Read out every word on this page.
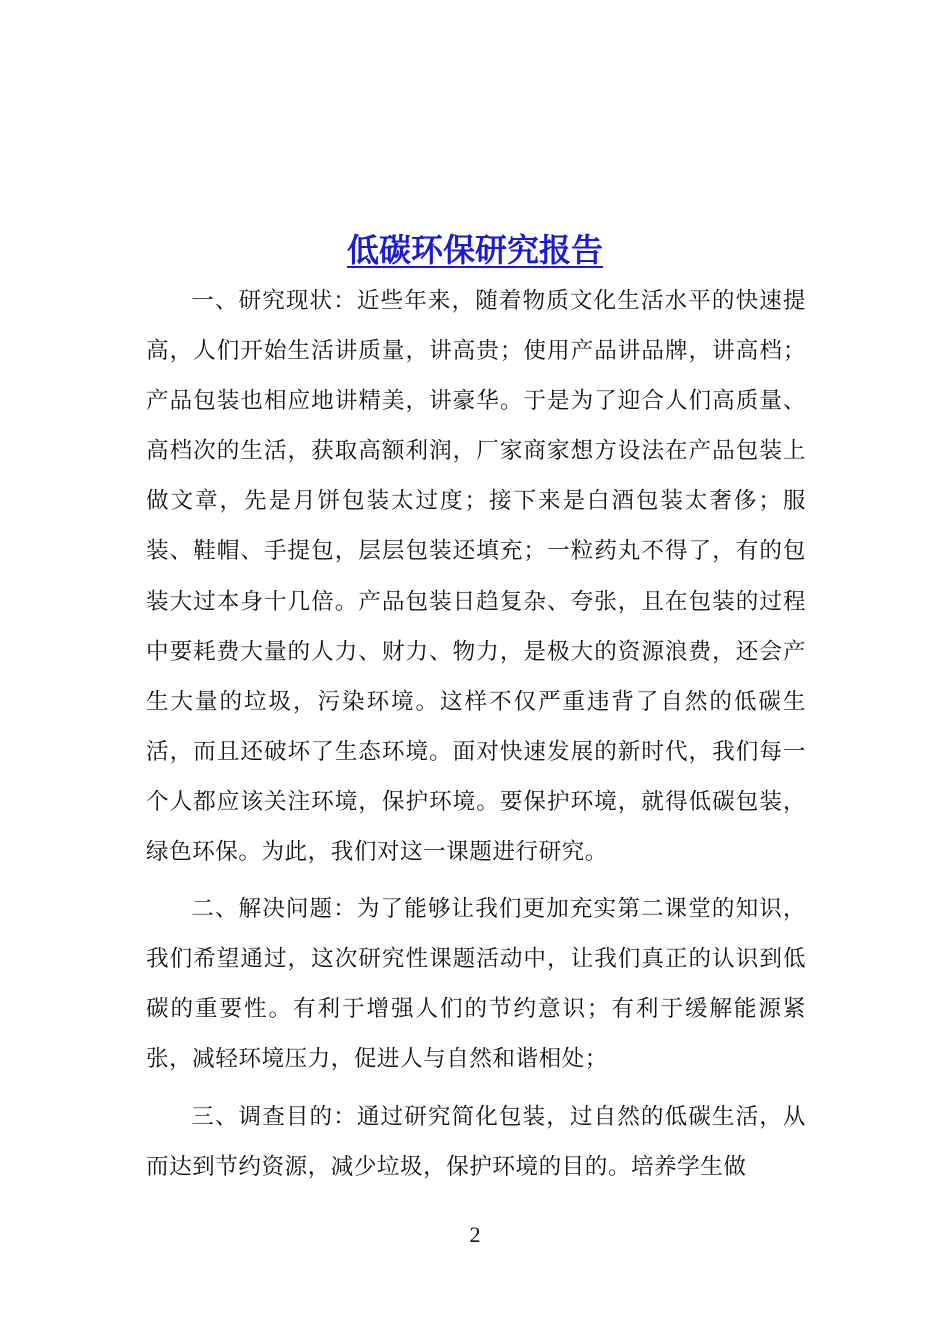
低碳环保研究报告

一、研究现状：近些年来，随着物质文化生活水平的快速提高，人们开始生活讲质量，讲高贵；使用产品讲品牌，讲高档；产品包装也相应地讲精美，讲豪华。于是为了迎合人们高质量、高档次的生活，获取高额利润，厂家商家想方设法在产品包装上做文章，先是月饼包装太过度；接下来是白酒包装太奢侈；服装、鞋帽、手提包，层层包装还填充；一粒药丸不得了，有的包装大过本身十几倍。产品包装日趋复杂、夸张，且在包装的过程中要耗费大量的人力、财力、物力，是极大的资源浪费，还会产生大量的垃圾，污染环境。这样不仅严重违背了自然的低碳生活，而且还破坏了生态环境。面对快速发展的新时代，我们每一个人都应该关注环境，保护环境。要保护环境，就得低碳包装，绿色环保。为此，我们对这一课题进行研究。

二、解决问题：为了能够让我们更加充实第二课堂的知识，我们希望通过，这次研究性课题活动中，让我们真正的认识到低碳的重要性。有利于增强人们的节约意识；有利于缓解能源紧张，减轻环境压力，促进人与自然和谐相处；

三、调查目的：通过研究简化包装，过自然的低碳生活，从而达到节约资源，减少垃圾，保护环境的目的。培养学生做

2
